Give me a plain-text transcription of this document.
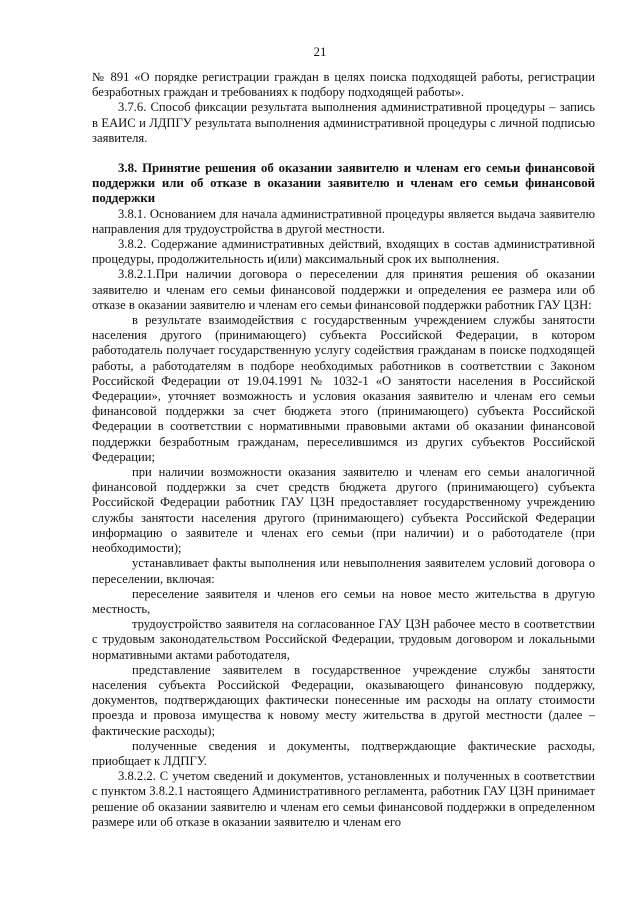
21

№ 891 «О порядке регистрации граждан в целях поиска подходящей работы, регистрации безработных граждан и требованиях к подбору подходящей работы».

3.7.6. Способ фиксации результата выполнения административной процедуры – запись в ЕАИС и ЛДПГУ результата выполнения административной процедуры с личной подписью заявителя.

3.8. Принятие решения об оказании заявителю и членам его семьи финансовой поддержки или об отказе в оказании заявителю и членам его семьи финансовой поддержки

3.8.1. Основанием для начала административной процедуры является выдача заявителю направления для трудоустройства в другой местности.

3.8.2. Содержание административных действий, входящих в состав административной процедуры, продолжительность и(или) максимальный срок их выполнения.

3.8.2.1.При наличии договора о переселении для принятия решения об оказании заявителю и членам его семьи финансовой поддержки и определения ее размера или об отказе в оказании заявителю и членам его семьи финансовой поддержки работник ГАУ ЦЗН:

в результате взаимодействия с государственным учреждением службы занятости населения другого (принимающего) субъекта Российской Федерации, в котором работодатель получает государственную услугу содействия гражданам в поиске подходящей работы, а работодателям в подборе необходимых работников в соответствии с Законом Российской Федерации от 19.04.1991 № 1032-1 «О занятости населения в Российской Федерации», уточняет возможность и условия оказания заявителю и членам его семьи финансовой поддержки за счет бюджета этого (принимающего) субъекта Российской Федерации в соответствии с нормативными правовыми актами об оказании финансовой поддержки безработным гражданам, переселившимся из других субъектов Российской Федерации;

при наличии возможности оказания заявителю и членам его семьи аналогичной финансовой поддержки за счет средств бюджета другого (принимающего) субъекта Российской Федерации работник ГАУ ЦЗН предоставляет государственному учреждению службы занятости населения другого (принимающего) субъекта Российской Федерации информацию о заявителе и членах его семьи (при наличии) и о работодателе (при необходимости);

устанавливает факты выполнения или невыполнения заявителем условий договора о переселении, включая:

переселение заявителя и членов его семьи на новое место жительства в другую местность,

трудоустройство заявителя на согласованное ГАУ ЦЗН рабочее место в соответствии с трудовым законодательством Российской Федерации, трудовым договором и локальными нормативными актами работодателя,

представление заявителем в государственное учреждение службы занятости населения субъекта Российской Федерации, оказывающего финансовую поддержку, документов, подтверждающих фактически понесенные им расходы на оплату стоимости проезда и провоза имущества к новому месту жительства в другой местности (далее – фактические расходы);

полученные сведения и документы, подтверждающие фактические расходы, приобщает к ЛДПГУ.

3.8.2.2. С учетом сведений и документов, установленных и полученных в соответствии с пунктом 3.8.2.1 настоящего Административного регламента, работник ГАУ ЦЗН принимает решение об оказании заявителю и членам его семьи финансовой поддержки в определенном размере или об отказе в оказании заявителю и членам его
